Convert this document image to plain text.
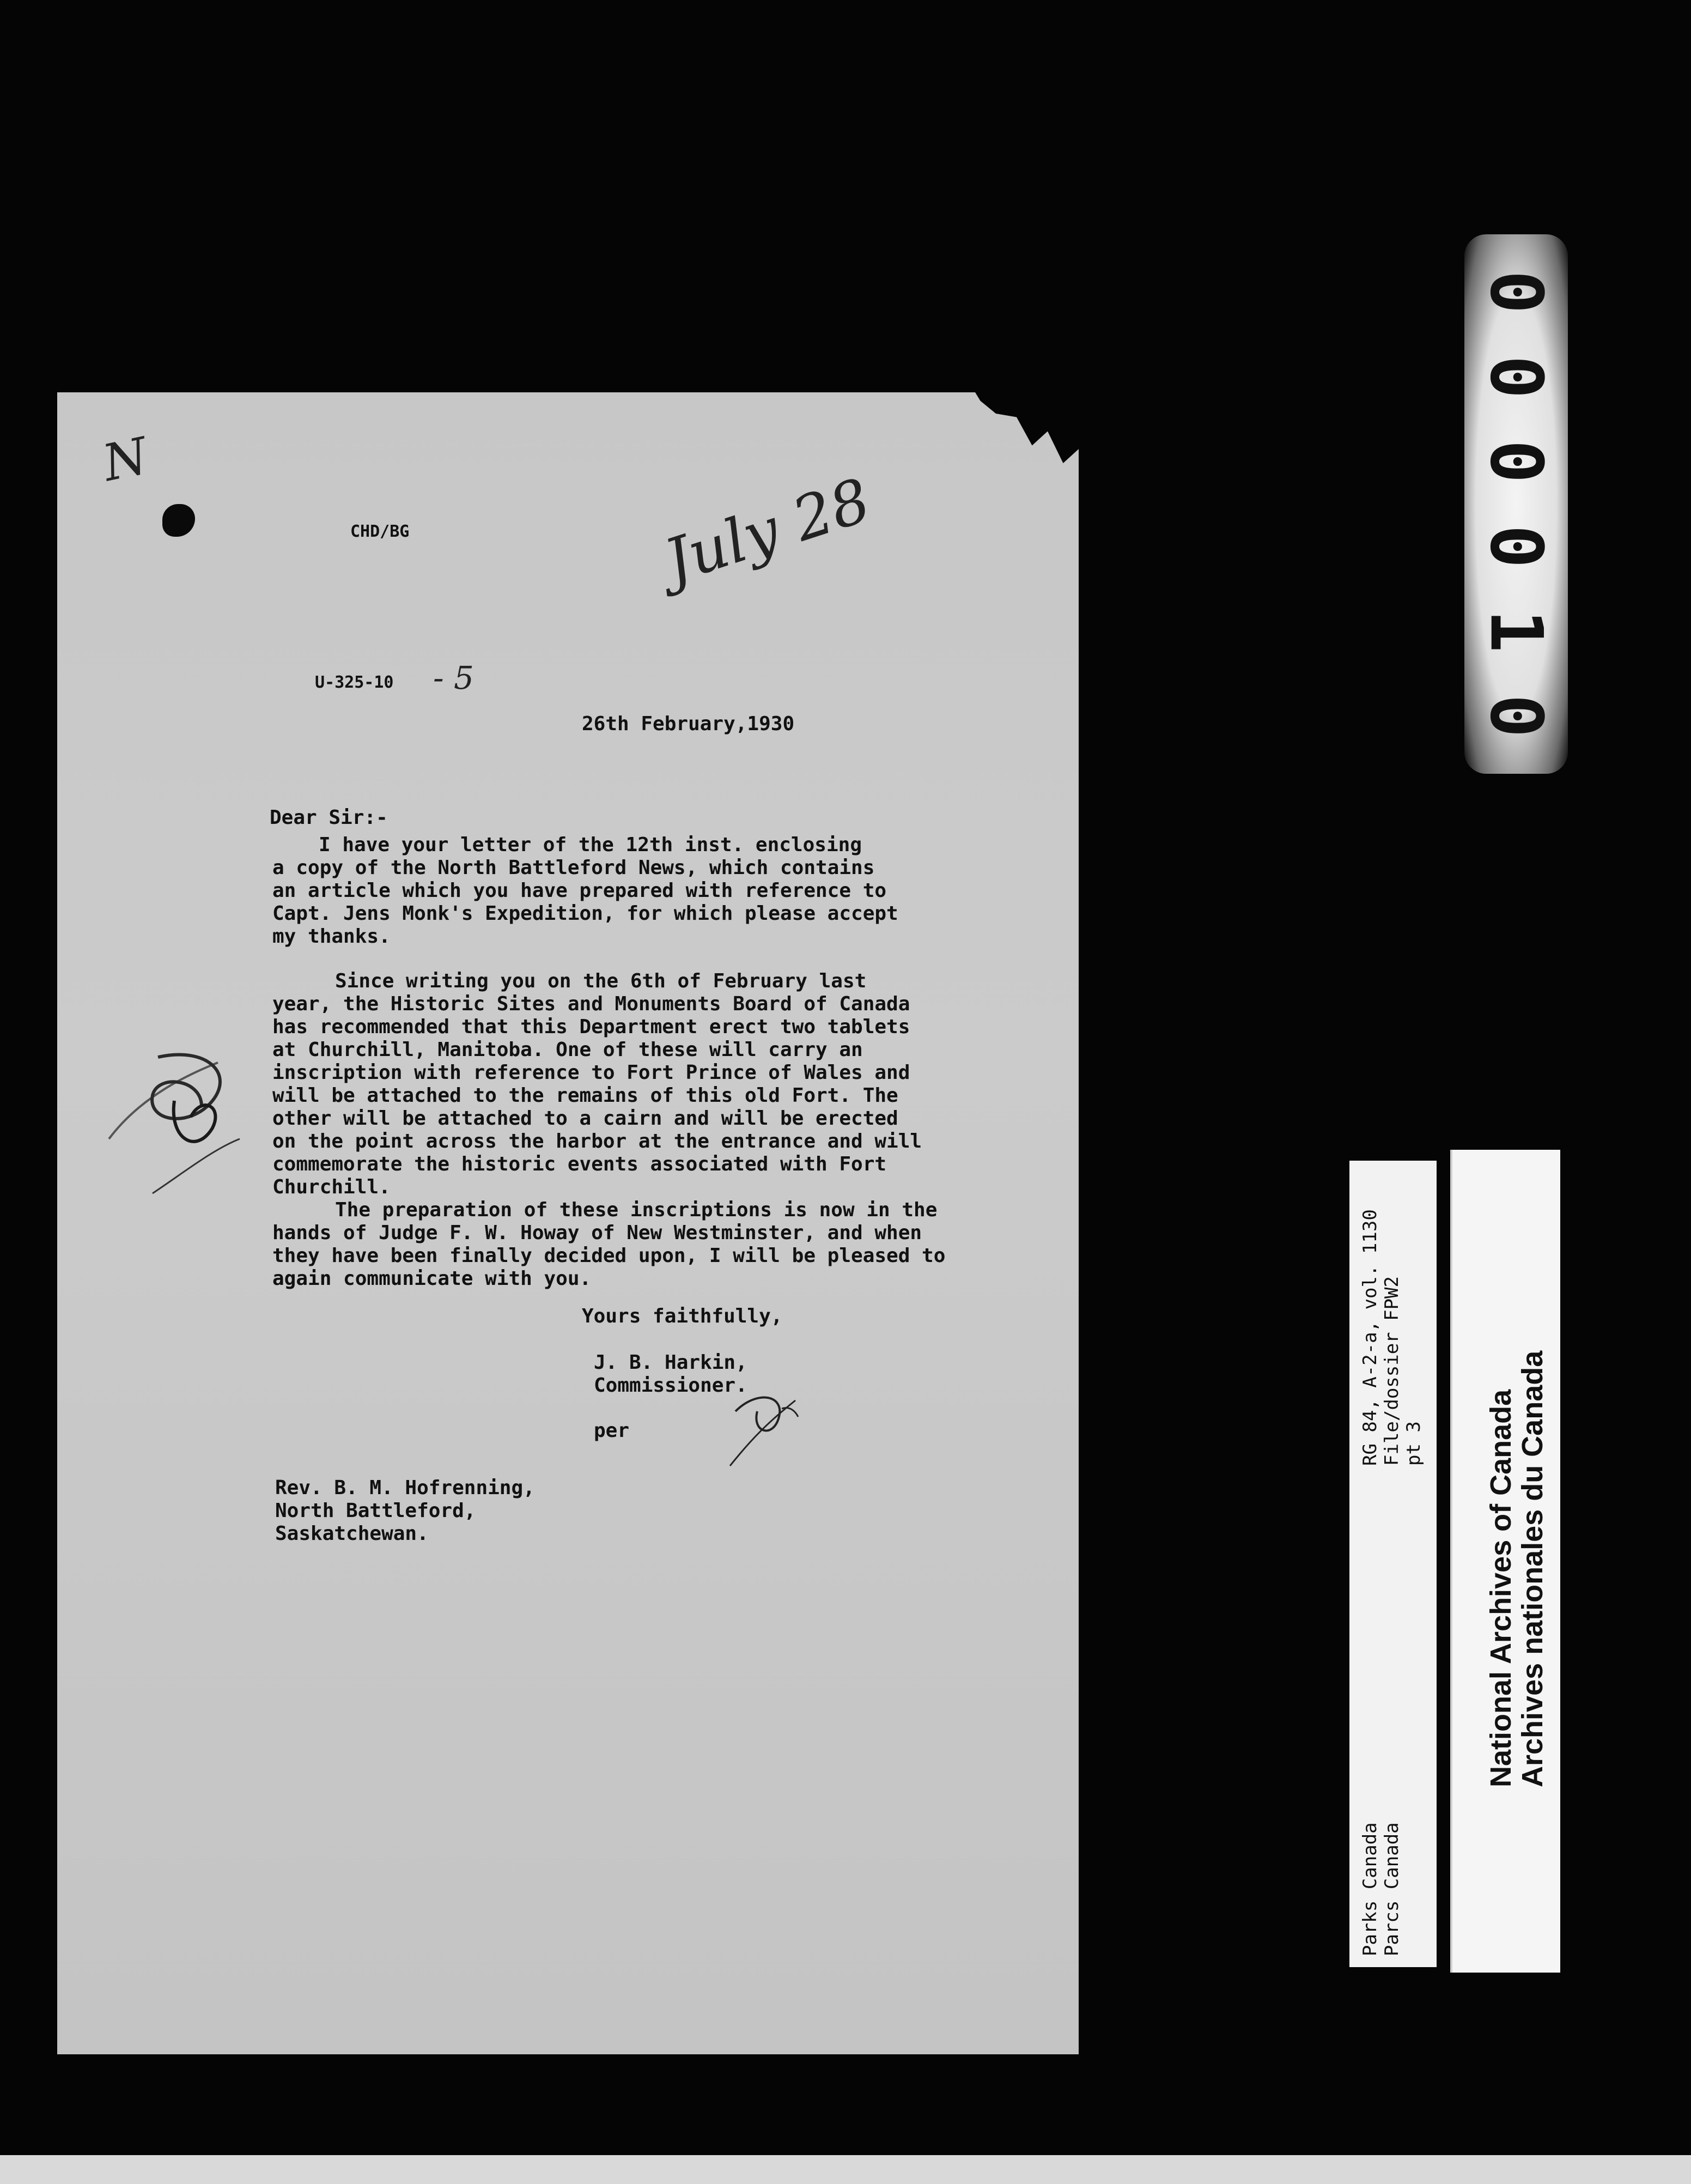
0
0
0
0
1
0
N
CHD/BG	July 28
U-325-10 - 5
26th February,1930
Dear Sir:-
I have your letter of the 12th inst. enclosing
a copy of the North Battleford News, which contains
an article which you have prepared with reference to
Capt. Jens Monk's Expedition, for which please accept
my thanks.
Since writing you on the 6th of February last
year, the Historic Sites and Monuments Board of Canada
has recommended that this Department erect two tablets
at Churchill, Manitoba. One of these will carry an
inscription with reference to Fort Prince of Wales and
will be attached to the remains of this old Fort. The
other will be attached to a cairn and will be erected
on the point across the harbor at the entrance and will
commemorate the historic events associated with Fort
Churchill.
The preparation of these inscriptions is now in the
hands of Judge F. W. Howay of New Westminster, and when
they have been finally decided upon, I will be pleased to
again communicate with you.
Yours faithfully,
J. B. Harkin,
Commissioner.
per
Rev. B. M. Hofrenning,
North Battleford,
Saskatchewan.
RG 84, A-2-a, vol. 1130 File/dossier FPW2 pt 3
Parks Canada Parcs Canada
National Archives of Canada
Archives nationales du Canada
